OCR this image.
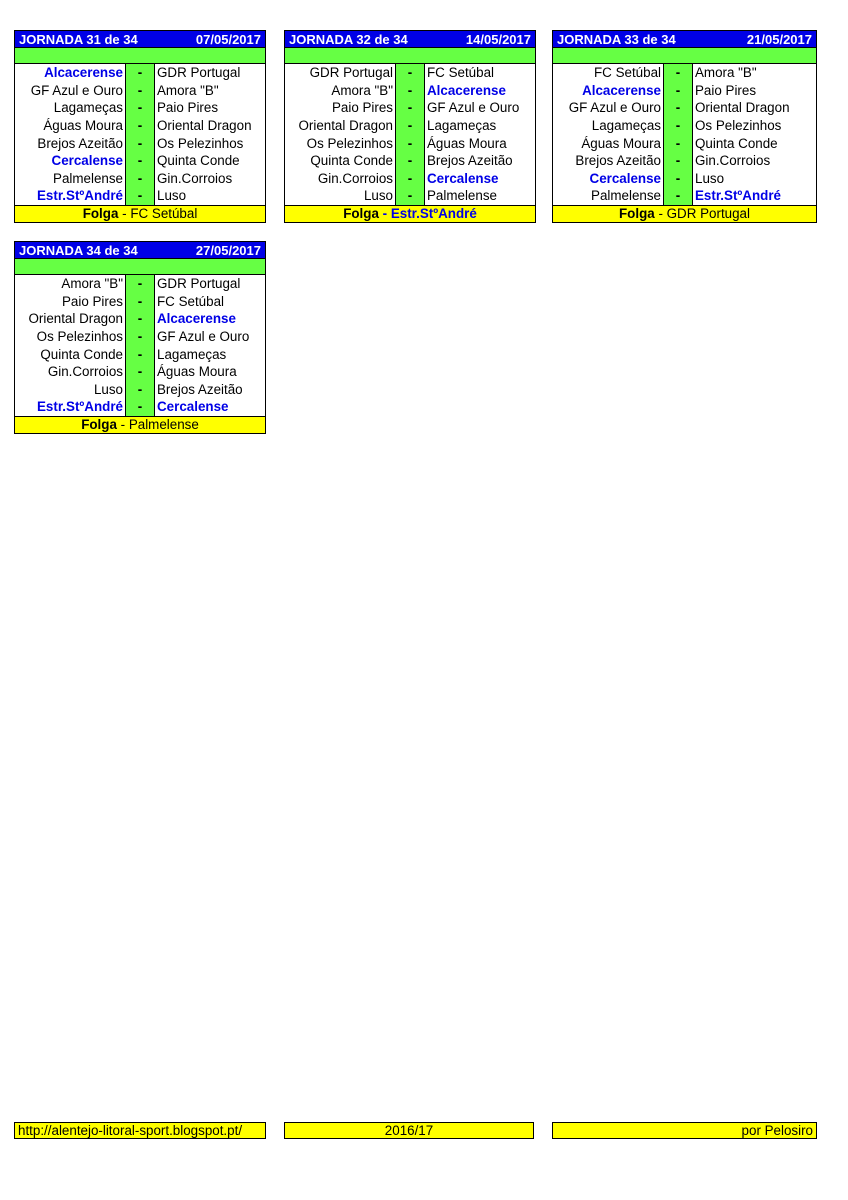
JORNADA 31 de 34	07/05/2017
Alcacerense	-	GDR Portugal
GF Azul e Ouro	-	Amora "B"
Lagameças	-	Paio Pires
Águas Moura	-	Oriental Dragon
Brejos Azeitão	-	Os Pelezinhos
Cercalense	-	Quinta Conde
Palmelense	-	Gin.Corroios
Estr.StºAndré	-	Luso
Folga - FC Setúbal
JORNADA 32 de 34	14/05/2017
GDR Portugal	-	FC Setúbal
Amora "B"	-	Alcacerense
Paio Pires	-	GF Azul e Ouro
Oriental Dragon	-	Lagameças
Os Pelezinhos	-	Águas Moura
Quinta Conde	-	Brejos Azeitão
Gin.Corroios	-	Cercalense
Luso	-	Palmelense
Folga - Estr.StºAndré
JORNADA 33 de 34	21/05/2017
FC Setúbal	-	Amora "B"
Alcacerense	-	Paio Pires
GF Azul e Ouro	-	Oriental Dragon
Lagameças	-	Os Pelezinhos
Águas Moura	-	Quinta Conde
Brejos Azeitão	-	Gin.Corroios
Cercalense	-	Luso
Palmelense	-	Estr.StºAndré
Folga - GDR Portugal
JORNADA 34 de 34	27/05/2017
Amora "B"	-	GDR Portugal
Paio Pires	-	FC Setúbal
Oriental Dragon	-	Alcacerense
Os Pelezinhos	-	GF Azul e Ouro
Quinta Conde	-	Lagameças
Gin.Corroios	-	Águas Moura
Luso	-	Brejos Azeitão
Estr.StºAndré	-	Cercalense
Folga - Palmelense
http://alentejo-litoral-sport.blogspot.pt/	2016/17	por Pelosiro
